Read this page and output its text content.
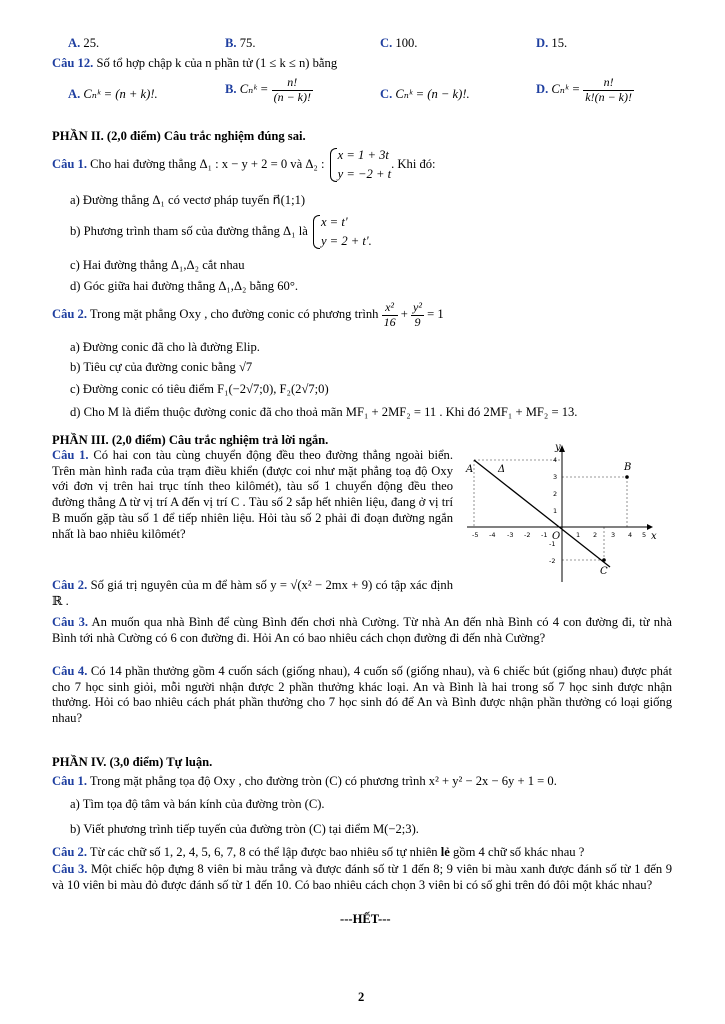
A. 25.	B. 75.	C. 100.	D. 15.
Câu 12. Số tổ hợp chập k của n phần tử (1 ≤ k ≤ n) bằng
A. Cₙᵏ = (n + k)!.	B. Cₙᵏ = $\frac{n!}{(n - k)!}$	C. Cₙᵏ = (n − k)!.	D. Cₙᵏ = $\frac{n!}{k!(n - k)!}$
PHẦN II. (2,0 điểm) Câu trắc nghiệm đúng sai.
Câu 1. Cho hai đường thẳng Δ₁ : x − y + 2 = 0 và Δ₂ :
x = 1 + 3t
y = −2 + t
. Khi đó:
a) Đường thẳng Δ₁ có vectơ pháp tuyến n⃗(1;1)
b) Phương trình tham số của đường thẳng Δ₁ là
x = t'
y = 2 + t'.
c) Hai đường thẳng Δ₁,Δ₂ cắt nhau
d) Góc giữa hai đường thẳng Δ₁,Δ₂ bằng 60°.
Câu 2. Trong mặt phẳng Oxy , cho đường conic có phương trình $\frac{\text{x²}}{16} + \frac{\text{y²}}{9} = 1$
a) Đường conic đã cho là đường Elip.
b) Tiêu cự của đường conic bằng √7
c) Đường conic có tiêu điểm F₁(−2√7;0), F₂(2√7;0)
d) Cho M là điểm thuộc đường conic đã cho thoả mãn MF₁ + 2MF₂ = 11 . Khi đó 2MF₁ + MF₂ = 13.
PHẦN III. (2,0 điểm) Câu trắc nghiệm trả lời ngắn.
Câu 1. Có hai con tàu cùng chuyển động đều theo đường thẳng ngoài biển. Trên màn hình rađa của trạm điều khiển (được coi như mặt phẳng toạ độ Oxy với đơn vị trên hai trục tính theo kilômét), tàu số 1 chuyển động đều theo đường thẳng Δ từ vị trí A đến vị trí C . Tàu số 2 sắp hết nhiên liệu, đang ở vị trí B muốn gặp tàu số 1 để tiếp nhiên liệu. Hỏi tàu số 2 phải đi đoạn đường ngắn nhất là bao nhiêu kilômét?
y
x
O
A Δ	B
C
-5 -4 -3 -2 -1	1 2 3 4 5
4
3
2
1
-1
-2
Câu 2. Số giá trị nguyên của m để hàm số y = √(x² − 2mx + 9) có tập xác định ℝ .
Câu 3. An muốn qua nhà Bình để cùng Bình đến chơi nhà Cường. Từ nhà An đến nhà Bình có 4 con đường đi, từ nhà Bình tới nhà Cường có 6 con đường đi. Hỏi An có bao nhiêu cách chọn đường đi đến nhà Cường?
Câu 4. Có 14 phần thưởng gồm 4 cuốn sách (giống nhau), 4 cuốn số (giống nhau), và 6 chiếc bút (giống nhau) được phát cho 7 học sinh giỏi, mỗi người nhận được 2 phần thưởng khác loại. An và Bình là hai trong số 7 học sinh được nhận thưởng. Hỏi có bao nhiêu cách phát phần thưởng cho 7 học sinh đó để An và Bình được nhận phần thưởng có loại giống nhau?
PHẦN IV. (3,0 điểm) Tự luận.
Câu 1. Trong mặt phẳng tọa độ Oxy , cho đường tròn (C) có phương trình x² + y² − 2x − 6y + 1 = 0.
a) Tìm tọa độ tâm và bán kính của đường tròn (C).
b) Viết phương trình tiếp tuyến của đường tròn (C) tại điểm M(−2;3).
Câu 2. Từ các chữ số 1, 2, 4, 5, 6, 7, 8 có thể lập được bao nhiêu số tự nhiên lẻ gồm 4 chữ số khác nhau ?
Câu 3. Một chiếc hộp đựng 8 viên bi màu trắng và được đánh số từ 1 đến 8; 9 viên bi màu xanh được đánh số từ 1 đến 9 và 10 viên bi màu đỏ được đánh số từ 1 đến 10. Có bao nhiêu cách chọn 3 viên bi có số ghi trên đó đôi một khác nhau?
---HẾT---
2
